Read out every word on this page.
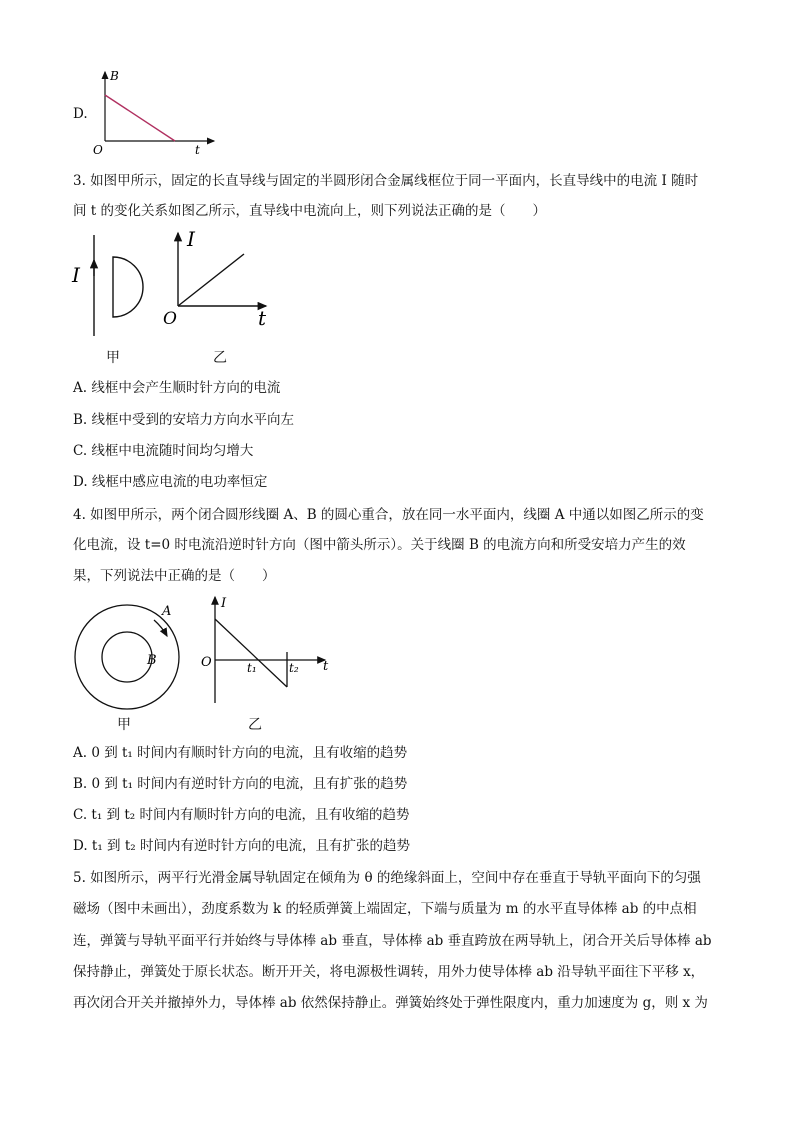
D.
B
t
O
3. 如图甲所示，固定的长直导线与固定的半圆形闭合金属线框位于同一平面内，长直导线中的电流 I 随时
间 t 的变化关系如图乙所示，直导线中电流向上，则下列说法正确的是（　　）
I
甲
I
t
O
乙
A. 线框中会产生顺时针方向的电流
B. 线框中受到的安培力方向水平向左
C. 线框中电流随时间均匀增大
D. 线框中感应电流的电功率恒定
4. 如图甲所示，两个闭合圆形线圈 A、B 的圆心重合，放在同一水平面内，线圈 A 中通以如图乙所示的变
化电流，设 t=0 时电流沿逆时针方向（图中箭头所示）。关于线圈 B 的电流方向和所受安培力产生的效
果，下列说法中正确的是（　　）
A
B
甲
I
t
O	t₁	t₂
乙
A. 0 到 t₁ 时间内有顺时针方向的电流，且有收缩的趋势
B. 0 到 t₁ 时间内有逆时针方向的电流，且有扩张的趋势
C. t₁ 到 t₂ 时间内有顺时针方向的电流，且有收缩的趋势
D. t₁ 到 t₂ 时间内有逆时针方向的电流，且有扩张的趋势
5. 如图所示，两平行光滑金属导轨固定在倾角为 θ 的绝缘斜面上，空间中存在垂直于导轨平面向下的匀强
磁场（图中未画出），劲度系数为 k 的轻质弹簧上端固定，下端与质量为 m 的水平直导体棒 ab 的中点相
连，弹簧与导轨平面平行并始终与导体棒 ab 垂直，导体棒 ab 垂直跨放在两导轨上，闭合开关后导体棒 ab
保持静止，弹簧处于原长状态。断开开关，将电源极性调转，用外力使导体棒 ab 沿导轨平面往下平移 x，
再次闭合开关并撤掉外力，导体棒 ab 依然保持静止。弹簧始终处于弹性限度内，重力加速度为 g，则 x 为
